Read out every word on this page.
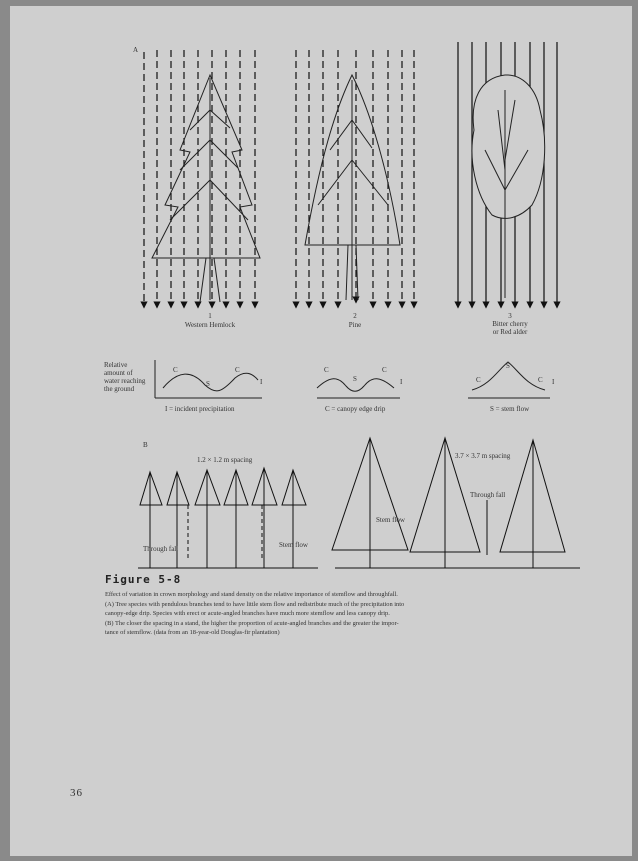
A
1
Western Hemlock
2
Pine
3
Bitter cherry
or Red alder
Relative
amount of
water reaching
the ground
C
S
C
I
I = incident precipitation
C
S
C
I
C = canopy edge drip
C
S
C I
S = stem flow
B
1.2 × 1.2 m spacing	3.7 × 3.7 m spacing
Through fall	Stem flow
Stem flow
Through fall
Figure 5-8

Effect of variation in crown morphology and stand density on the relative importance of stemflow and throughfall.

(A) Tree species with pendulous branches tend to have little stem flow and redistribute much of the precipitation into

canopy-edge drip. Species with erect or acute-angled branches have much more stemflow and less canopy drip.

(B) The closer the spacing in a stand, the higher the proportion of acute-angled branches and the greater the impor-

tance of stemflow. (data from an 18-year-old Douglas-fir plantation)

36
